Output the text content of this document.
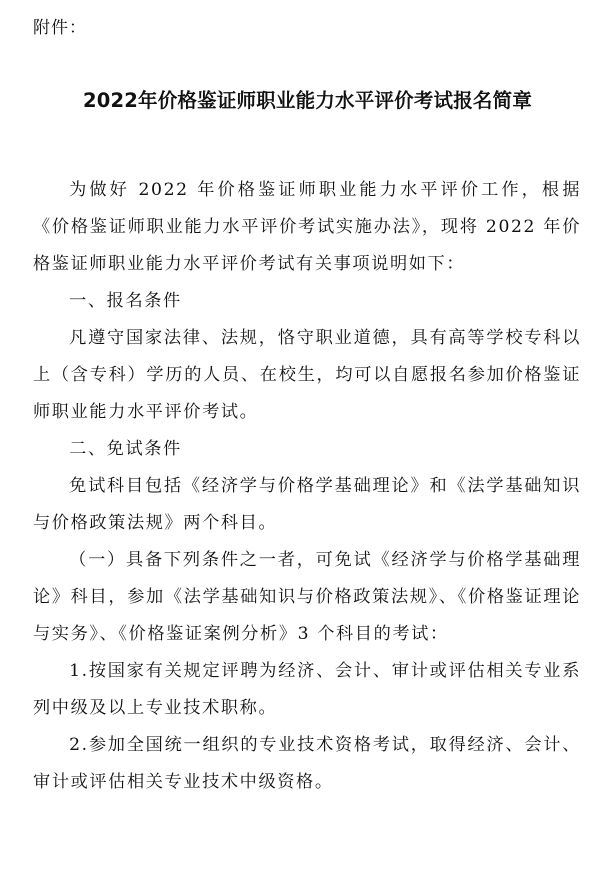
附件：
2022年价格鉴证师职业能力水平评价考试报名简章

为做好 2022 年价格鉴证师职业能力水平评价工作，根据《价格鉴证师职业能力水平评价考试实施办法》，现将 2022 年价格鉴证师职业能力水平评价考试有关事项说明如下：

一、报名条件

凡遵守国家法律、法规，恪守职业道德，具有高等学校专科以上（含专科）学历的人员、在校生，均可以自愿报名参加价格鉴证师职业能力水平评价考试。

二、免试条件

免试科目包括《经济学与价格学基础理论》和《法学基础知识与价格政策法规》两个科目。

（一）具备下列条件之一者，可免试《经济学与价格学基础理论》科目，参加《法学基础知识与价格政策法规》、《价格鉴证理论与实务》、《价格鉴证案例分析》3 个科目的考试：

1.按国家有关规定评聘为经济、会计、审计或评估相关专业系列中级及以上专业技术职称。

2.参加全国统一组织的专业技术资格考试，取得经济、会计、审计或评估相关专业技术中级资格。
